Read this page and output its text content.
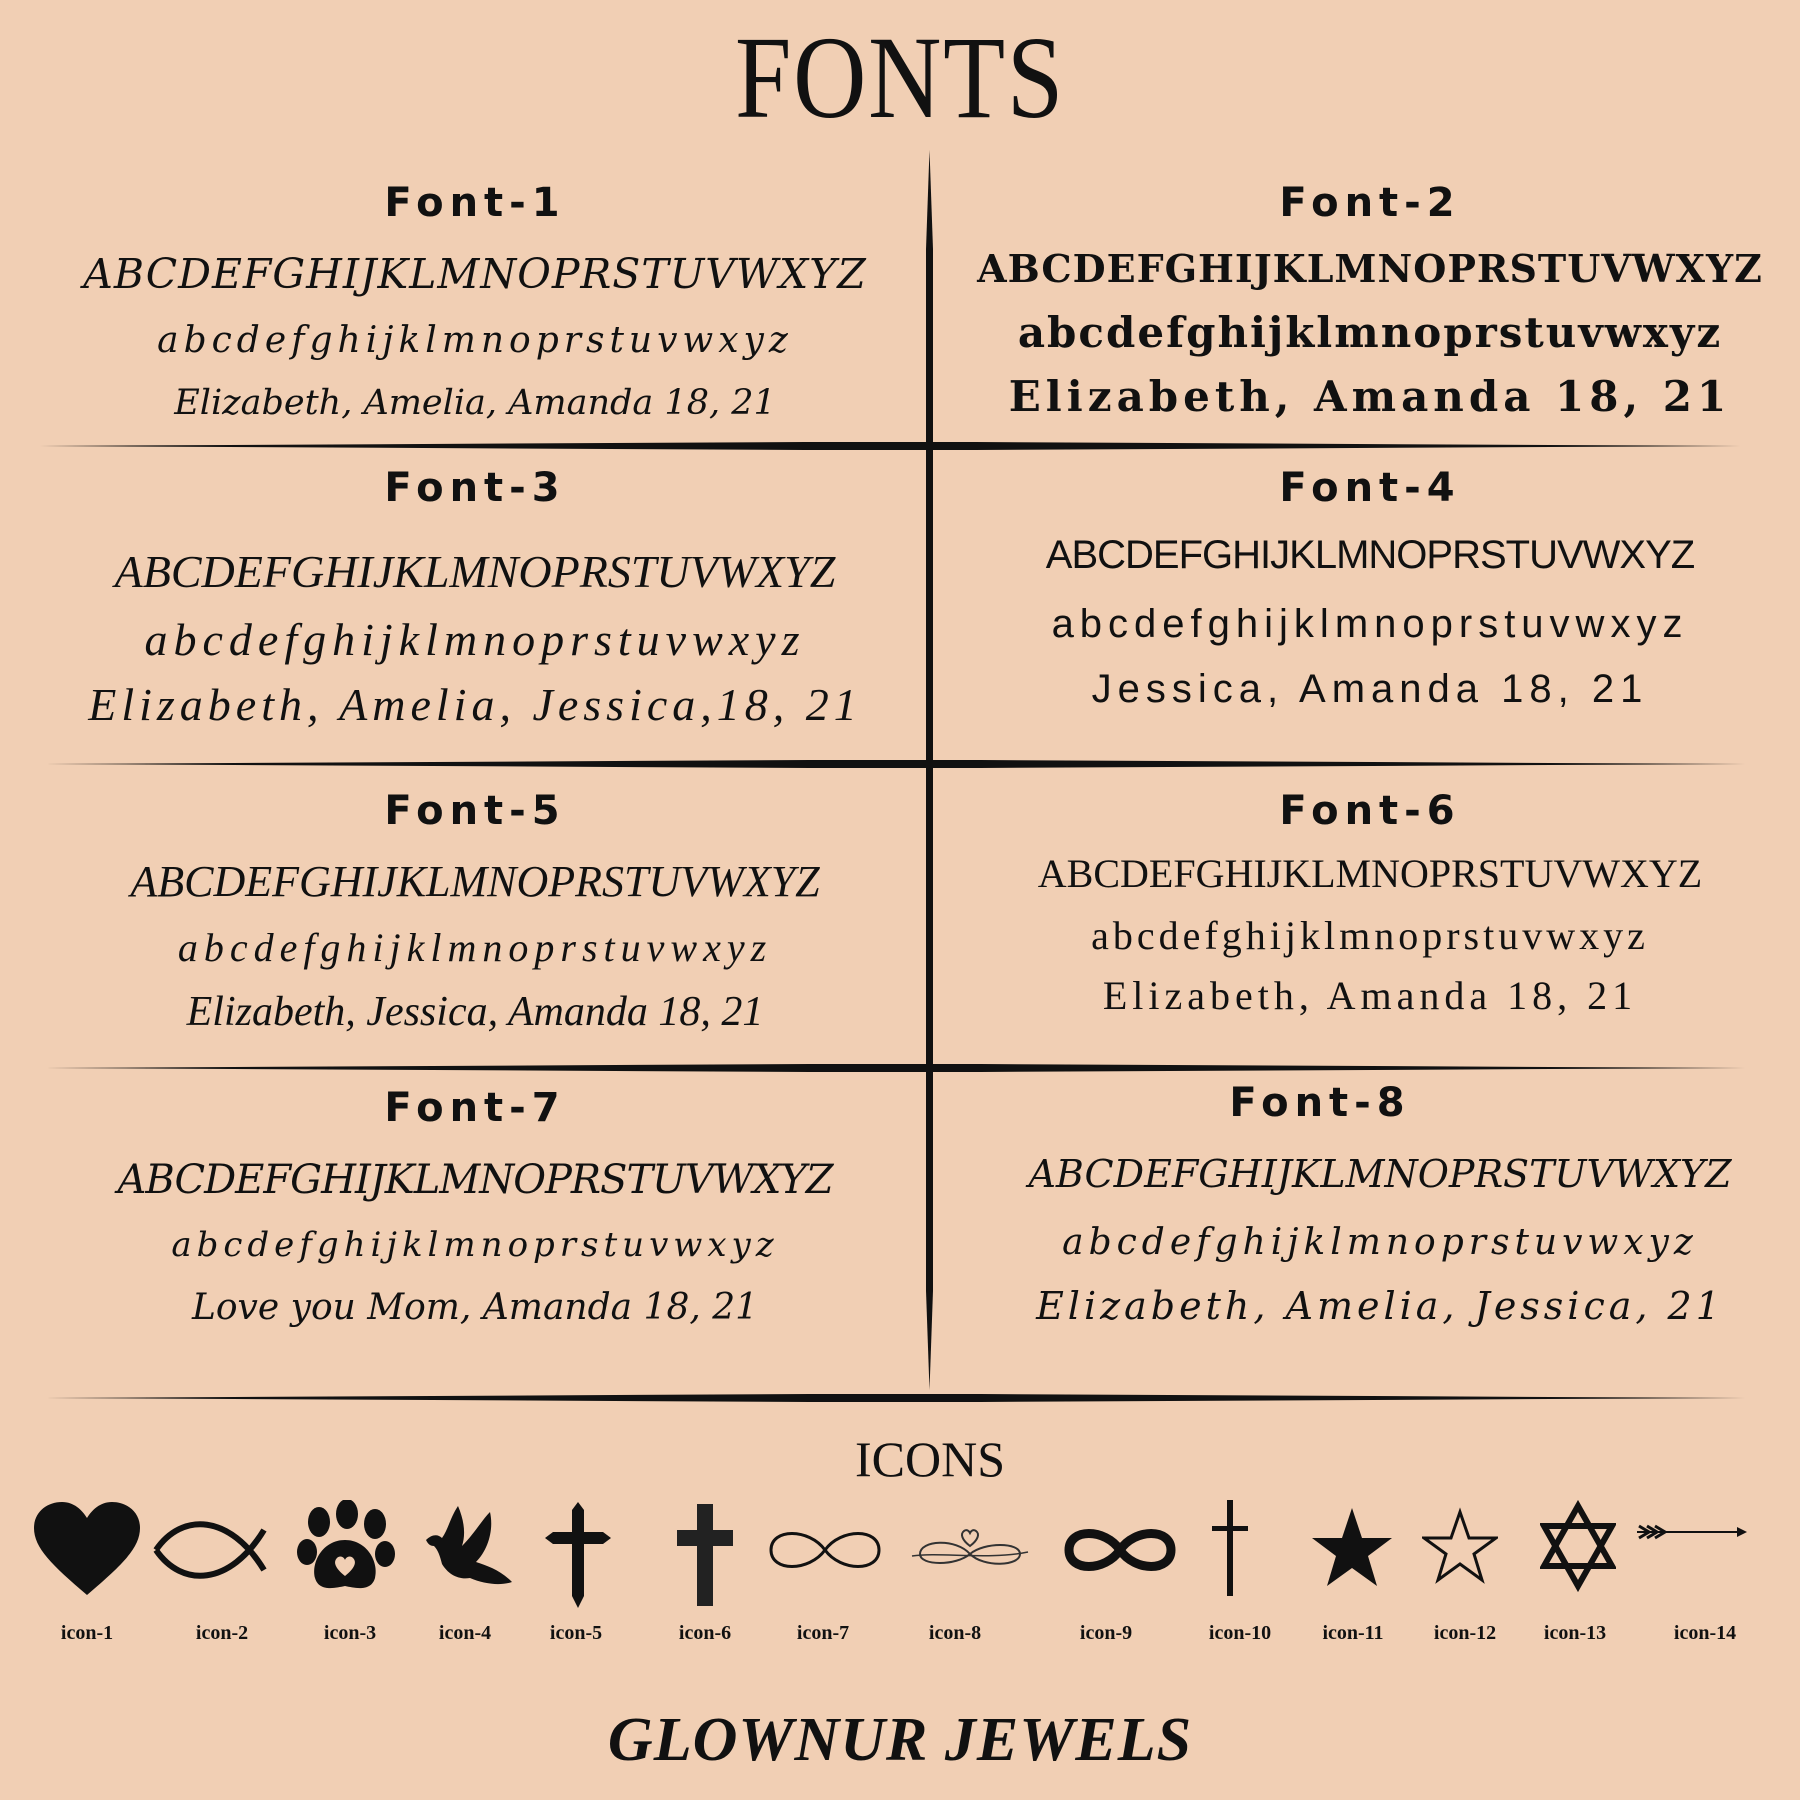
FONTS
Font-1
ABCDEFGHIJKLMNOPRSTUVWXYZ
abcdefghijklmnoprstuvwxyz
Elizabeth, Amelia, Amanda 18, 21
Font-2
ABCDEFGHIJKLMNOPRSTUVWXYZ
abcdefghijklmnoprstuvwxyz
Elizabeth, Amanda 18, 21
Font-3
ABCDEFGHIJKLMNOPRSTUVWXYZ
abcdefghijklmnoprstuvwxyz
Elizabeth, Amelia, Jessica,18, 21
Font-4
ABCDEFGHIJKLMNOPRSTUVWXYZ
abcdefghijklmnoprstuvwxyz
Jessica, Amanda 18, 21
Font-5
ABCDEFGHIJKLMNOPRSTUVWXYZ
abcdefghijklmnoprstuvwxyz
Elizabeth, Jessica, Amanda 18, 21
Font-6
ABCDEFGHIJKLMNOPRSTUVWXYZ
abcdefghijklmnoprstuvwxyz
Elizabeth, Amanda 18, 21
Font-7
ABCDEFGHIJKLMNOPRSTUVWXYZ
abcdefghijklmnoprstuvwxyz
Love you Mom, Amanda 18, 21
Font-8
ABCDEFGHIJKLMNOPRSTUVWXYZ
abcdefghijklmnoprstuvwxyz
Elizabeth, Amelia, Jessica, 21
ICONS
icon-1	icon-2	icon-3	icon-4	icon-5	icon-6	icon-7	icon-8	icon-9	icon-10	icon-11	icon-12	icon-13	icon-14
GLOWNUR JEWELS
